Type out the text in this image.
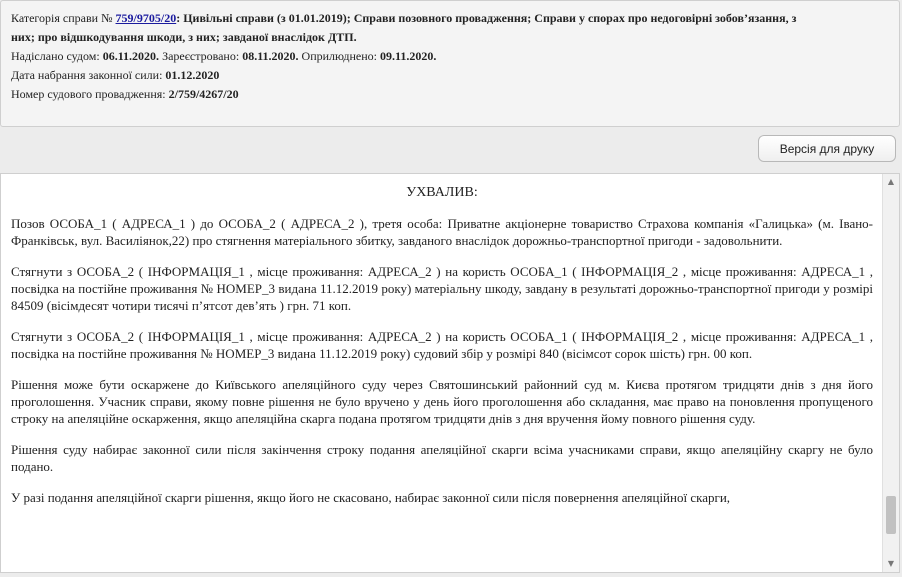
Категорія справи № 759/9705/20: Цивільні справи (з 01.01.2019); Справи позовного провадження; Справи у спорах про недоговірні зобов’язання, з

них; про відшкодування шкоди, з них; завданої внаслідок ДТП.

Надіслано судом: 06.11.2020. Зареєстровано: 08.11.2020. Оприлюднено: 09.11.2020.

Дата набрання законної сили: 01.12.2020

Номер судового провадження: 2/759/4267/20

Версія для друку
УХВАЛИВ:

Позов ОСОБА_1 ( АДРЕСА_1 ) до ОСОБА_2 ( АДРЕСА_2 ), третя особа: Приватне акціонерне товариство Страхова компанія «Галицька» (м. Івано-Франківськ, вул. Василіянок,22) про стягнення матеріального збитку, завданого внаслідок дорожньо-транспортної пригоди - задовольнити.

Стягнути з ОСОБА_2 ( ІНФОРМАЦІЯ_1 , місце проживання: АДРЕСА_2 ) на користь ОСОБА_1 ( ІНФОРМАЦІЯ_2 , місце проживання: АДРЕСА_1 , посвідка на постійне проживання № НОМЕР_3 видана 11.12.2019 року) матеріальну шкоду, завдану в результаті дорожньо-транспортної пригоди у розмірі 84509 (вісімдесят чотири тисячі п’ятсот дев’ять ) грн. 71 коп.

Стягнути з ОСОБА_2 ( ІНФОРМАЦІЯ_1 , місце проживання: АДРЕСА_2 ) на користь ОСОБА_1 ( ІНФОРМАЦІЯ_2 , місце проживання: АДРЕСА_1 , посвідка на постійне проживання № НОМЕР_3 видана 11.12.2019 року) судовий збір у розмірі 840 (вісімсот сорок шість) грн. 00 коп.

Рішення може бути оскаржене до Київського апеляційного суду через Святошинський районний суд м. Києва протягом тридцяти днів з дня його проголошення. Учасник справи, якому повне рішення не було вручено у день його проголошення або складання, має право на поновлення пропущеного строку на апеляційне оскарження, якщо апеляційна скарга подана протягом тридцяти днів з дня вручення йому повного рішення суду.

Рішення суду набирає законної сили після закінчення строку подання апеляційної скарги всіма учасниками справи, якщо апеляційну скаргу не було подано.

У разі подання апеляційної скарги рішення, якщо його не скасовано, набирає законної сили після повернення апеляційної скарги,

▲
▼
